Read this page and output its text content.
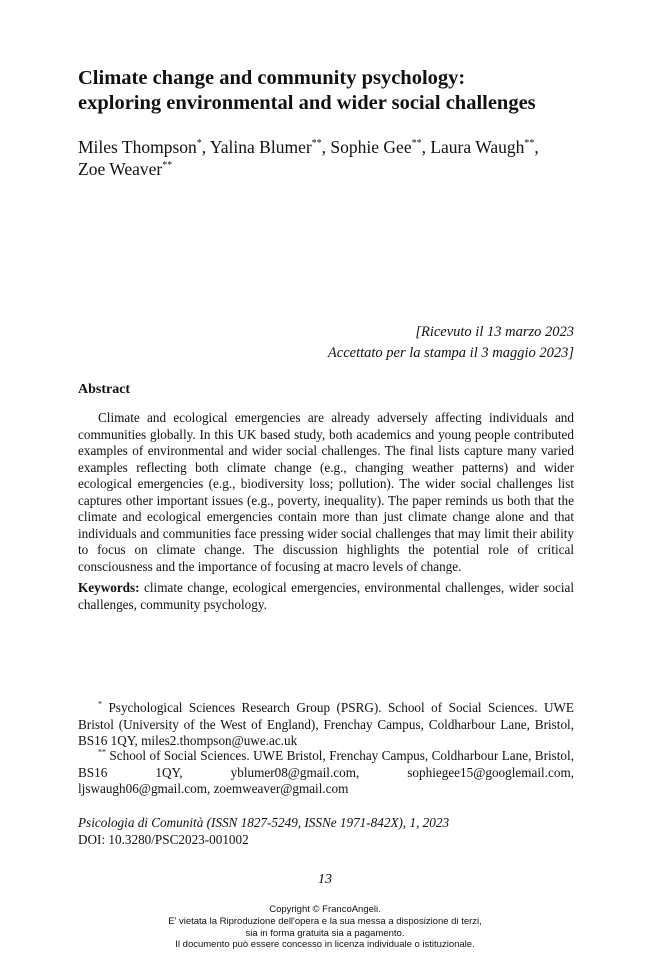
Climate change and community psychology:
exploring environmental and wider social challenges
Miles Thompson*, Yalina Blumer**, Sophie Gee**, Laura Waugh**,
Zoe Weaver**
[Ricevuto il 13 marzo 2023
Accettato per la stampa il 3 maggio 2023]
Abstract
Climate and ecological emergencies are already adversely affecting individuals and communities globally. In this UK based study, both academics and young people contributed examples of environmental and wider social challenges. The final lists capture many varied examples reflecting both climate change (e.g., changing weather patterns) and wider ecological emergencies (e.g., biodiversity loss; pollution). The wider social challenges list captures other important issues (e.g., poverty, inequality). The paper reminds us both that the climate and ecological emergencies contain more than just climate change alone and that individuals and communities face pressing wider social challenges that may limit their ability to focus on climate change. The discussion highlights the potential role of critical consciousness and the importance of focusing at macro levels of change.
Keywords: climate change, ecological emergencies, environmental challenges, wider social challenges, community psychology.
* Psychological Sciences Research Group (PSRG). School of Social Sciences. UWE Bristol (University of the West of England), Frenchay Campus, Coldharbour Lane, Bristol, BS16 1QY, miles2.thompson@uwe.ac.uk
** School of Social Sciences. UWE Bristol, Frenchay Campus, Coldharbour Lane, Bristol, BS16 1QY, yblumer08@gmail.com, sophiegee15@googlemail.com, ljswaugh06@gmail.com, zoemweaver@gmail.com
Psicologia di Comunità (ISSN 1827-5249, ISSNe 1971-842X), 1, 2023
DOI: 10.3280/PSC2023-001002
13
Copyright © FrancoAngeli.
E' vietata la Riproduzione dell'opera e la sua messa a disposizione di terzi,
sia in forma gratuita sia a pagamento.
Il documento può essere concesso in licenza individuale o istituzionale.
